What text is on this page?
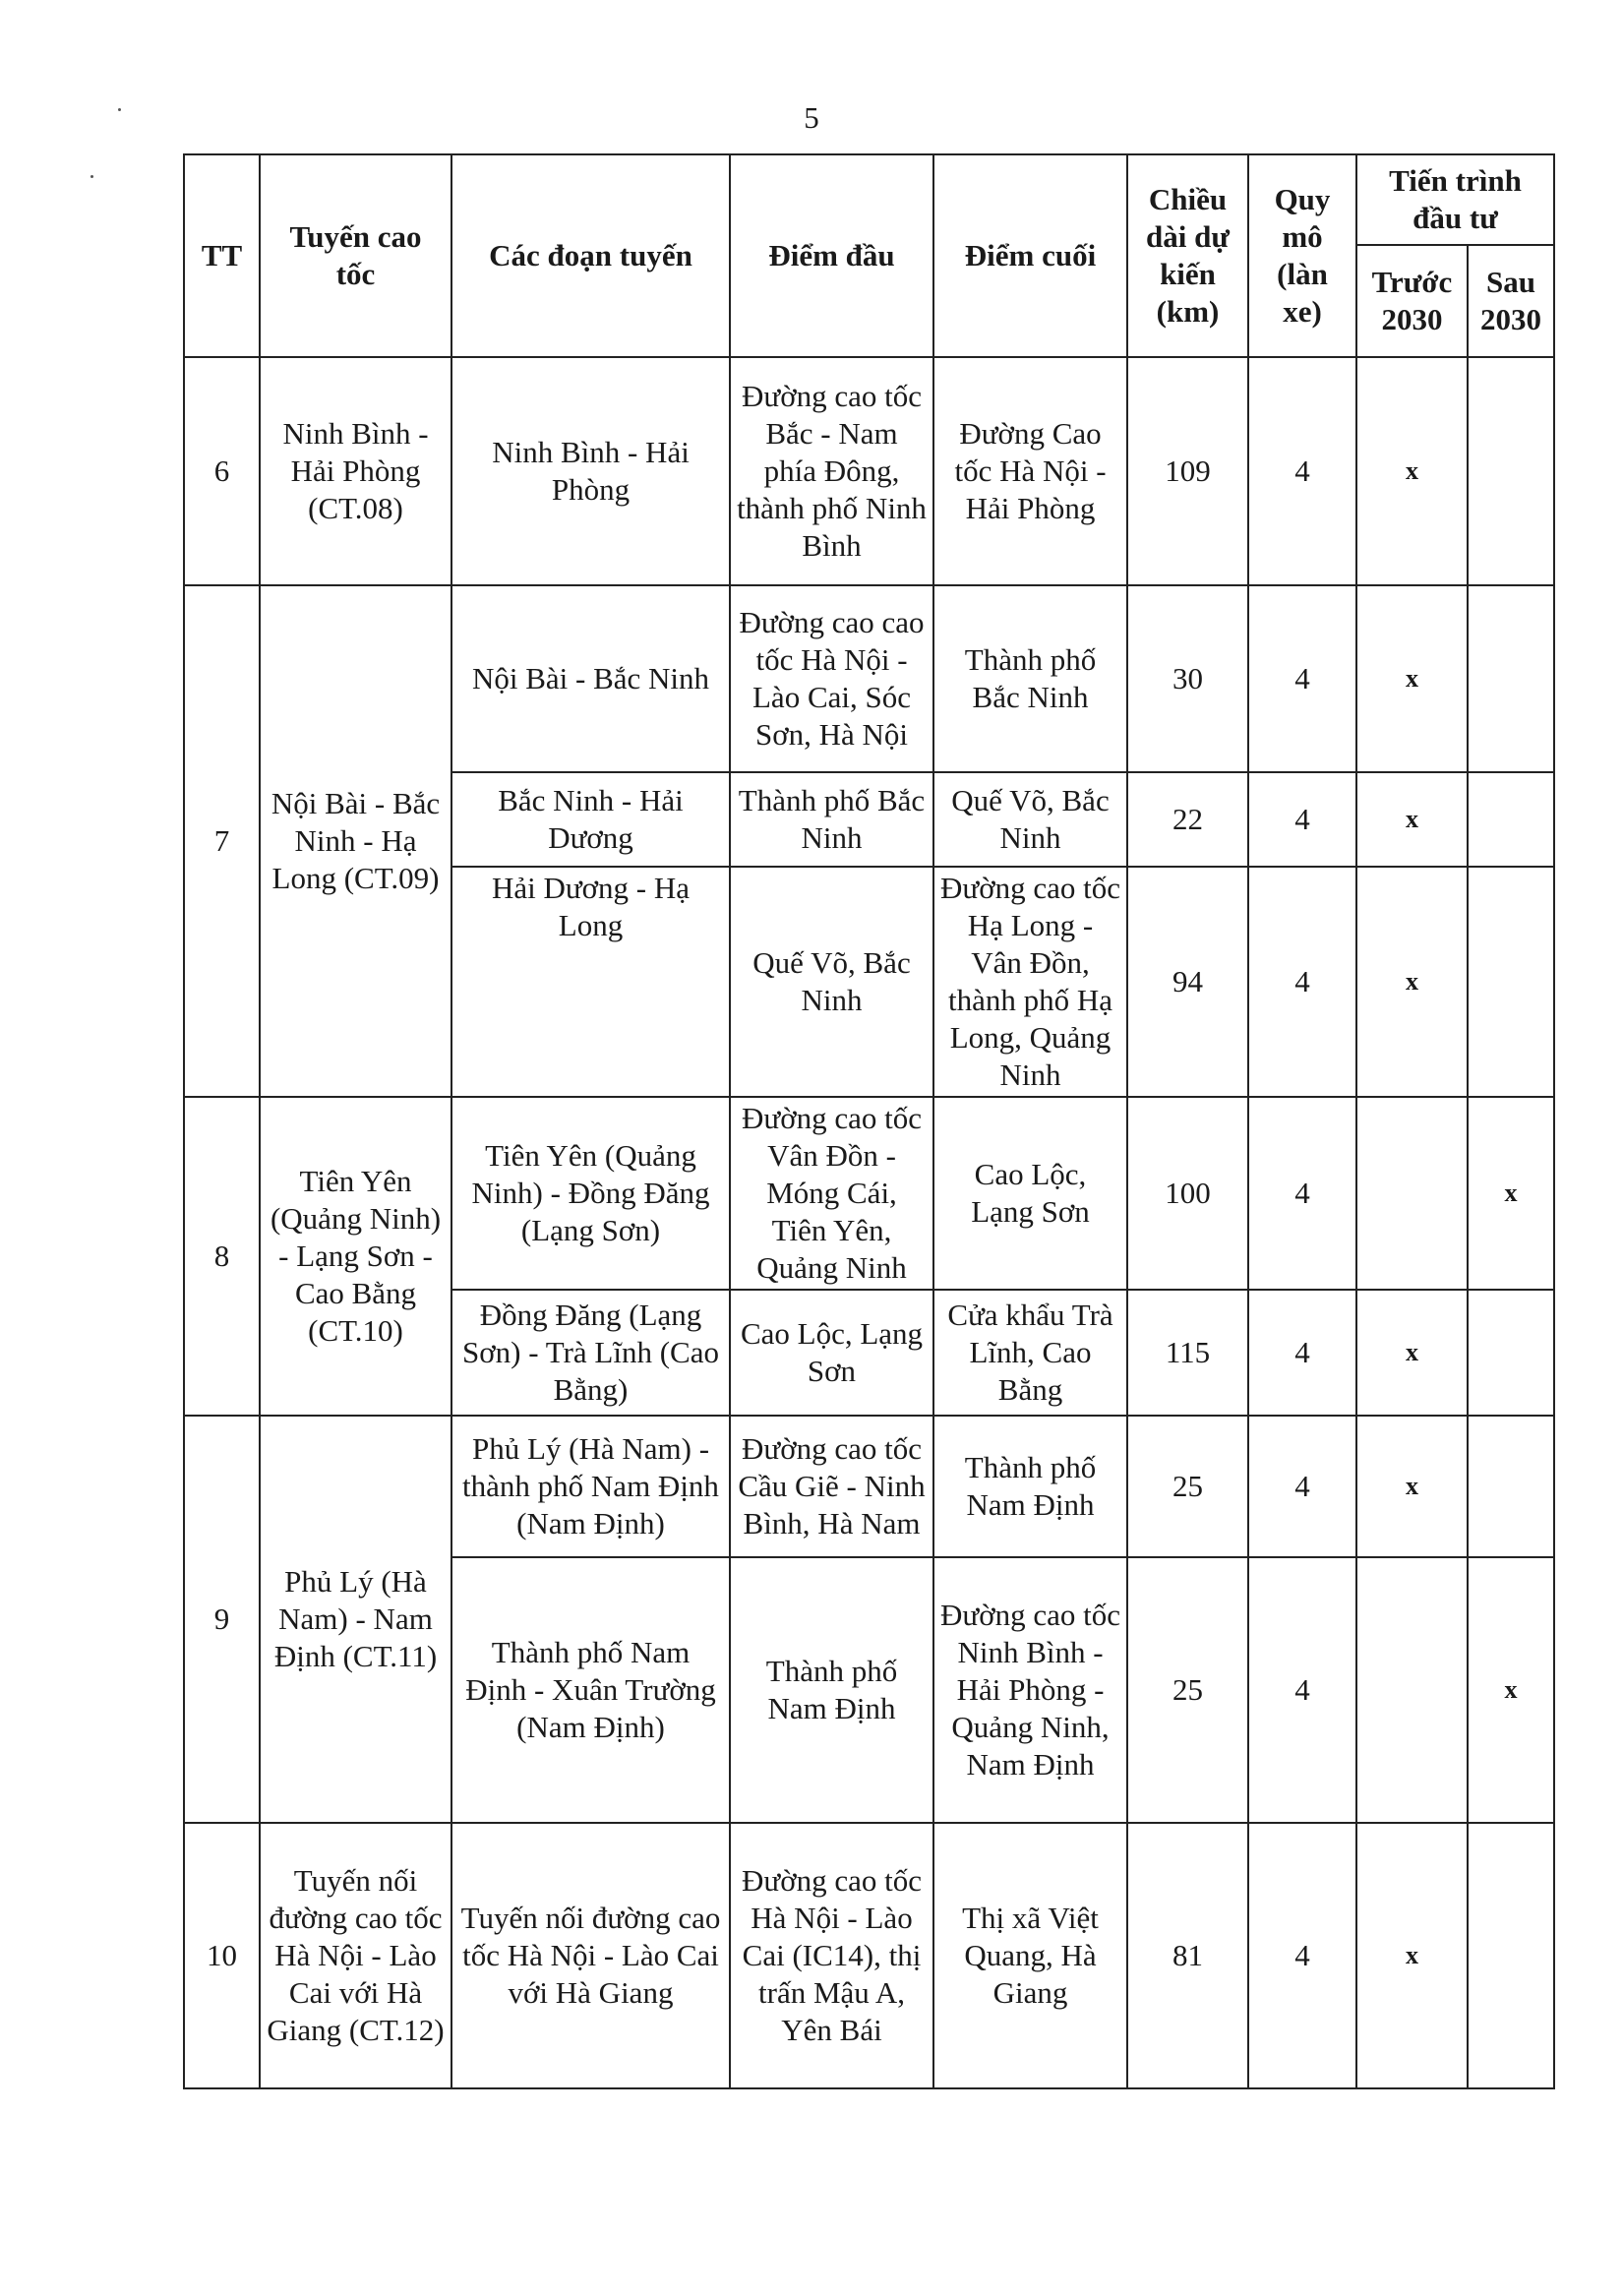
5
TT	Tuyến cao tốc	Các đoạn tuyến	Điểm đầu	Điểm cuối	Chiều dài dự kiến (km)	Quy mô (làn xe)	Tiến trình đầu tư	
							Trước 2030	Sau 2030
6	Ninh Bình - Hải Phòng (CT.08)	Ninh Bình - Hải Phòng	Đường cao tốc Bắc - Nam phía Đông, thành phố Ninh Bình	Đường Cao tốc Hà Nội - Hải Phòng	109	4	x	
7	Nội Bài - Bắc Ninh - Hạ Long (CT.09)	Nội Bài - Bắc Ninh	Đường cao cao tốc Hà Nội - Lào Cai, Sóc Sơn, Hà Nội	Thành phố Bắc Ninh	30	4	x	
		Bắc Ninh - Hải Dương	Thành phố Bắc Ninh	Quế Võ, Bắc Ninh	22	4	x	
		Hải Dương - Hạ Long	Quế Võ, Bắc Ninh	Đường cao tốc Hạ Long - Vân Đồn, thành phố Hạ Long, Quảng Ninh	94	4	x	
8	Tiên Yên (Quảng Ninh) - Lạng Sơn - Cao Bằng (CT.10)	Tiên Yên (Quảng Ninh) - Đồng Đăng (Lạng Sơn)	Đường cao tốc Vân Đồn - Móng Cái, Tiên Yên, Quảng Ninh	Cao Lộc, Lạng Sơn	100	4		x
		Đồng Đăng (Lạng Sơn) - Trà Lĩnh (Cao Bằng)	Cao Lộc, Lạng Sơn	Cửa khẩu Trà Lĩnh, Cao Bằng	115	4	x	
9	Phủ Lý (Hà Nam) - Nam Định (CT.11)	Phủ Lý (Hà Nam) - thành phố Nam Định (Nam Định)	Đường cao tốc Cầu Giẽ - Ninh Bình, Hà Nam	Thành phố Nam Định	25	4	x	
		Thành phố Nam Định - Xuân Trường (Nam Định)	Thành phố Nam Định	Đường cao tốc Ninh Bình - Hải Phòng - Quảng Ninh, Nam Định	25	4		x
10	Tuyến nối đường cao tốc Hà Nội - Lào Cai với Hà Giang (CT.12)	Tuyến nối đường cao tốc Hà Nội - Lào Cai với Hà Giang	Đường cao tốc Hà Nội - Lào Cai (IC14), thị trấn Mậu A, Yên Bái	Thị xã Việt Quang, Hà Giang	81	4	x	
